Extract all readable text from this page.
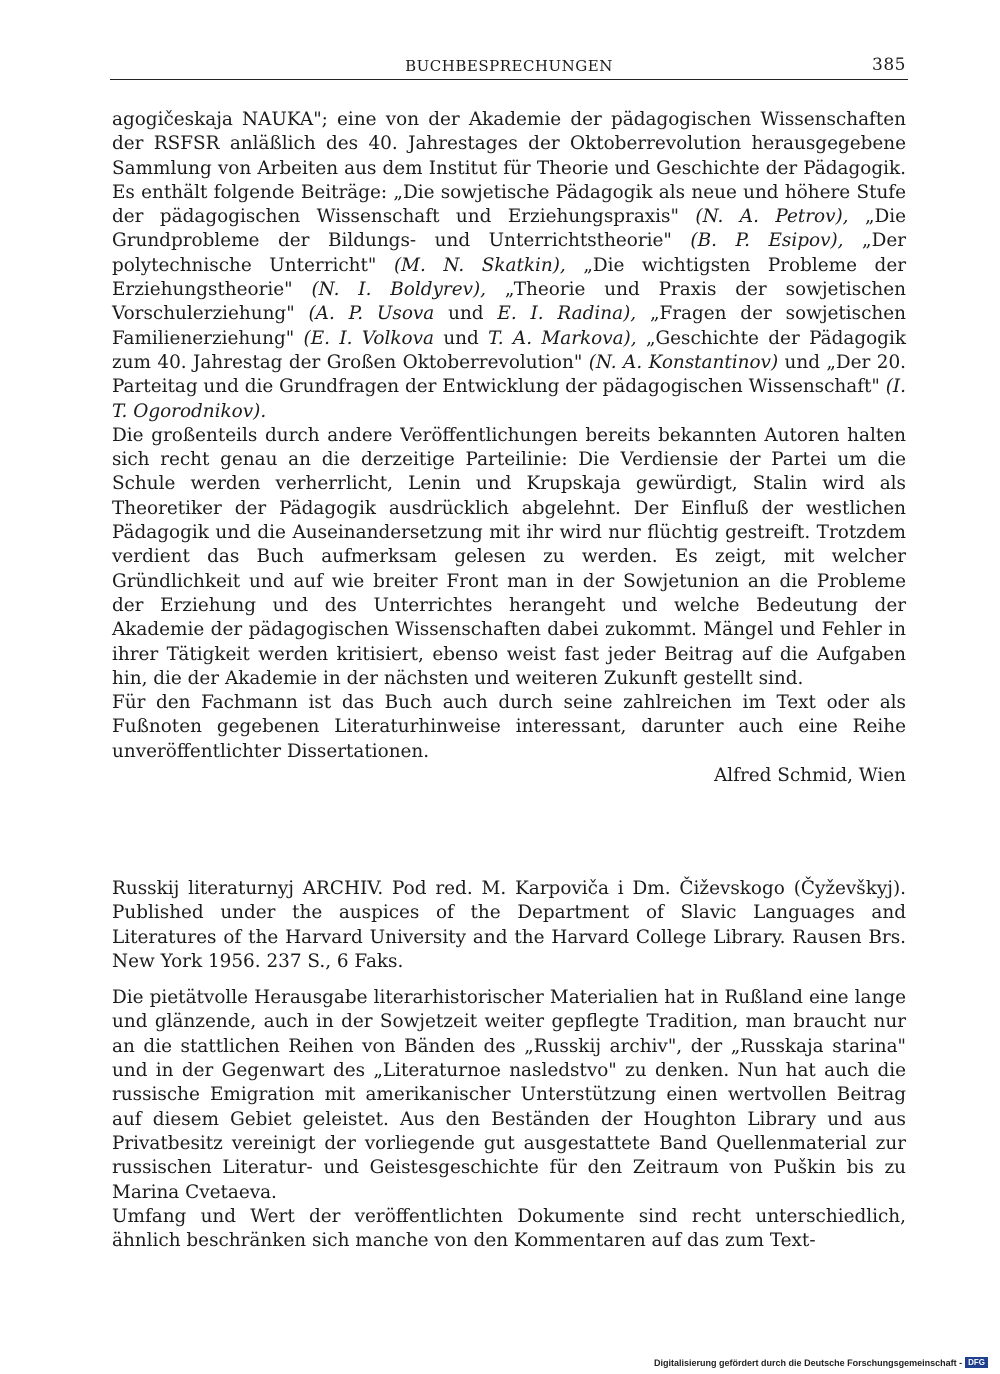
BUCHBESPRECHUNGEN	385

agogičeskaja NAUKA"; eine von der Akademie der pädagogischen Wissenschaften der RSFSR anläßlich des 40. Jahrestages der Oktoberrevolution herausgegebene Sammlung von Arbeiten aus dem Institut für Theorie und Geschichte der Pädagogik. Es enthält folgende Beiträge: „Die sowjetische Pädagogik als neue und höhere Stufe der pädagogischen Wissenschaft und Erziehungspraxis" (N. A. Petrov), „Die Grundprobleme der Bildungs- und Unterrichtstheorie" (B. P. Esipov), „Der polytechnische Unterricht" (M. N. Skatkin), „Die wichtigsten Probleme der Erziehungstheorie" (N. I. Boldyrev), „Theorie und Praxis der sowjetischen Vorschulerziehung" (A. P. Usova und E. I. Radina), „Fragen der sowjetischen Familienerziehung" (E. I. Volkova und T. A. Markova), „Geschichte der Pädagogik zum 40. Jahrestag der Großen Oktoberrevolution" (N. A. Konstantinov) und „Der 20. Parteitag und die Grundfragen der Entwicklung der pädagogischen Wissenschaft" (I. T. Ogorodnikov).

Die großenteils durch andere Veröffentlichungen bereits bekannten Autoren halten sich recht genau an die derzeitige Parteilinie: Die Verdiensie der Partei um die Schule werden verherrlicht, Lenin und Krupskaja gewürdigt, Stalin wird als Theoretiker der Pädagogik ausdrücklich abgelehnt. Der Einfluß der westlichen Pädagogik und die Auseinandersetzung mit ihr wird nur flüchtig gestreift. Trotzdem verdient das Buch aufmerksam gelesen zu werden. Es zeigt, mit welcher Gründlichkeit und auf wie breiter Front man in der Sowjetunion an die Probleme der Erziehung und des Unterrichtes herangeht und welche Bedeutung der Akademie der pädagogischen Wissenschaften dabei zukommt. Mängel und Fehler in ihrer Tätigkeit werden kritisiert, ebenso weist fast jeder Beitrag auf die Aufgaben hin, die der Akademie in der nächsten und weiteren Zukunft gestellt sind.

Für den Fachmann ist das Buch auch durch seine zahlreichen im Text oder als Fußnoten gegebenen Literaturhinweise interessant, darunter auch eine Reihe unveröffentlichter Dissertationen.

Alfred Schmid, Wien

Russkij literaturnyj ARCHIV. Pod red. M. Karpoviča i Dm. Čiževskogo (Čyževškyj). Published under the auspices of the Department of Slavic Languages and Literatures of the Harvard University and the Harvard College Library. Rausen Brs. New York 1956. 237 S., 6 Faks.

Die pietätvolle Herausgabe literarhistorischer Materialien hat in Rußland eine lange und glänzende, auch in der Sowjetzeit weiter gepflegte Tradition, man braucht nur an die stattlichen Reihen von Bänden des „Russkij archiv", der „Russkaja starina" und in der Gegenwart des „Literaturnoe nasledstvo" zu denken. Nun hat auch die russische Emigration mit amerikanischer Unterstützung einen wertvollen Beitrag auf diesem Gebiet geleistet. Aus den Beständen der Houghton Library und aus Privatbesitz vereinigt der vorliegende gut ausgestattete Band Quellenmaterial zur russischen Literatur- und Geistesgeschichte für den Zeitraum von Puškin bis zu Marina Cvetaeva.

Umfang und Wert der veröffentlichten Dokumente sind recht unterschiedlich, ähnlich beschränken sich manche von den Kommentaren auf das zum Text-

Digitalisierung gefördert durch die Deutsche Forschungsgemeinschaft - DFG
